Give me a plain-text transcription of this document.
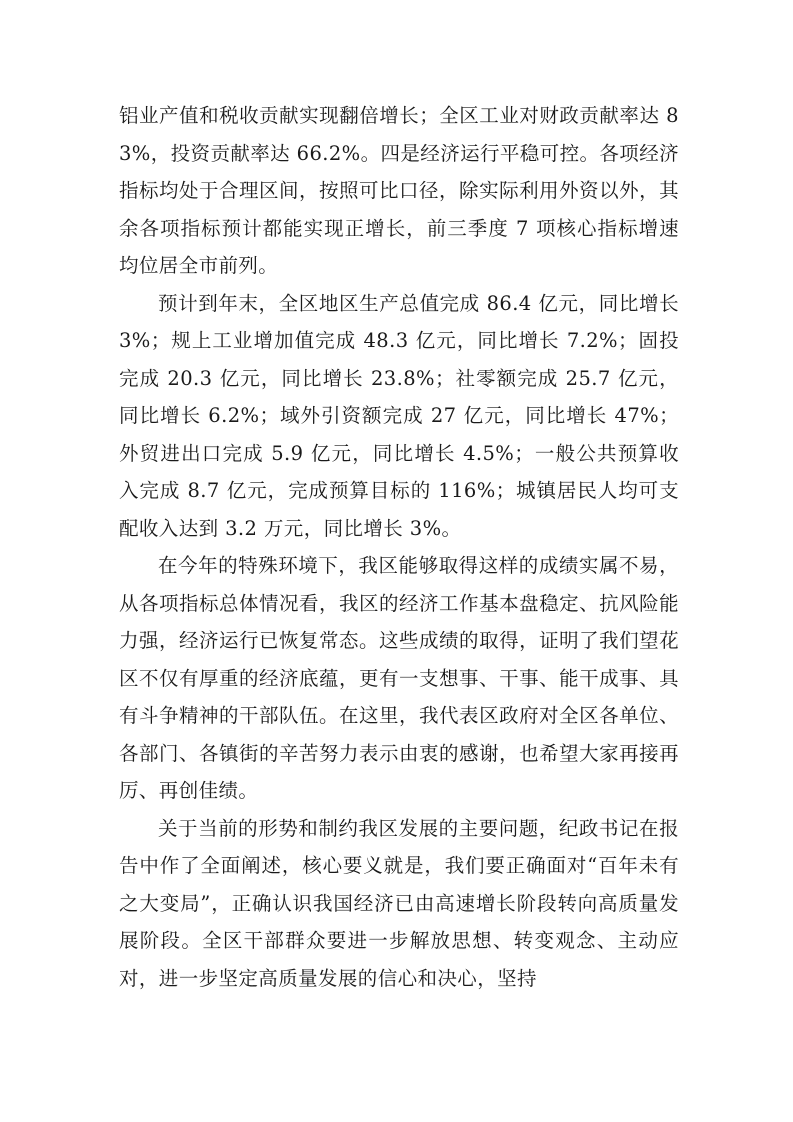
铝业产值和税收贡献实现翻倍增长；全区工业对财政贡献率达 83%，投资贡献率达 66.2%。四是经济运行平稳可控。各项经济指标均处于合理区间，按照可比口径，除实际利用外资以外，其余各项指标预计都能实现正增长，前三季度 7 项核心指标增速均位居全市前列。

预计到年末，全区地区生产总值完成 86.4 亿元，同比增长 3%；规上工业增加值完成 48.3 亿元，同比增长 7.2%；固投完成 20.3 亿元，同比增长 23.8%；社零额完成 25.7 亿元，同比增长 6.2%；域外引资额完成 27 亿元，同比增长 47%；外贸进出口完成 5.9 亿元，同比增长 4.5%；一般公共预算收入完成 8.7 亿元，完成预算目标的 116%；城镇居民人均可支配收入达到 3.2 万元，同比增长 3%。

在今年的特殊环境下，我区能够取得这样的成绩实属不易，从各项指标总体情况看，我区的经济工作基本盘稳定、抗风险能力强，经济运行已恢复常态。这些成绩的取得，证明了我们望花区不仅有厚重的经济底蕴，更有一支想事、干事、能干成事、具有斗争精神的干部队伍。在这里，我代表区政府对全区各单位、各部门、各镇街的辛苦努力表示由衷的感谢，也希望大家再接再厉、再创佳绩。

关于当前的形势和制约我区发展的主要问题，纪政书记在报告中作了全面阐述，核心要义就是，我们要正确面对“百年未有之大变局”，正确认识我国经济已由高速增长阶段转向高质量发展阶段。全区干部群众要进一步解放思想、转变观念、主动应对，进一步坚定高质量发展的信心和决心，坚持
